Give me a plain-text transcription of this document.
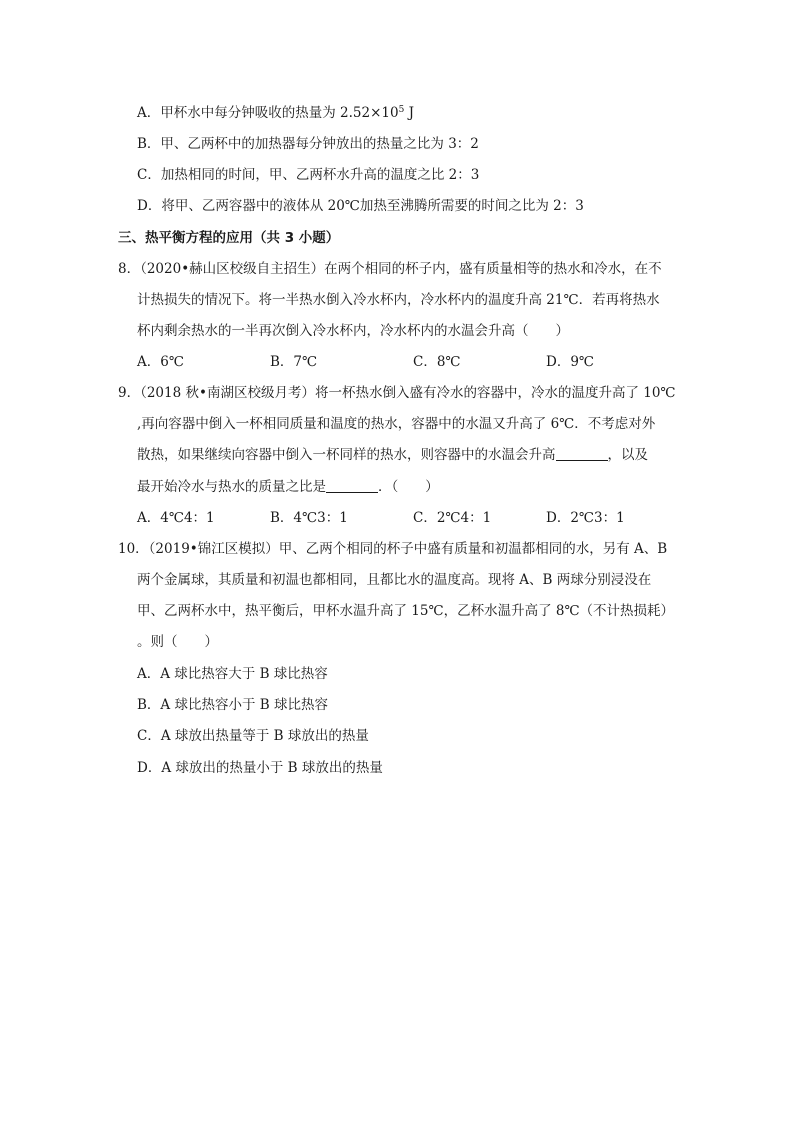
A．甲杯水中每分钟吸收的热量为 $2.52\times 10^5$ J
B．甲、乙两杯中的加热器每分钟放出的热量之比为 3：2
C．加热相同的时间，甲、乙两杯水升高的温度之比 2：3
D．将甲、乙两容器中的液体从 20℃加热至沸腾所需要的时间之比为 2：3
三、热平衡方程的应用（共 3 小题）
8．（2020•赫山区校级自主招生）在两个相同的杯子内，盛有质量相等的热水和冷水，在不
计热损失的情况下。将一半热水倒入冷水杯内，冷水杯内的温度升高 21℃．若再将热水
杯内剩余热水的一半再次倒入冷水杯内，冷水杯内的水温会升高（　　）
A．6℃	B．7℃	C．8℃	D．9℃
9．（2018 秋•南湖区校级月考）将一杯热水倒入盛有冷水的容器中，冷水的温度升高了 10℃
,再向容器中倒入一杯相同质量和温度的热水，容器中的水温又升高了 6℃．不考虑对外
散热，如果继续向容器中倒入一杯同样的热水，则容器中的水温会升高	，以及
最开始冷水与热水的质量之比是	．（　　）
A．4℃4：1	B．4℃3：1	C．2℃4：1	D．2℃3：1
10．（2019•锦江区模拟）甲、乙两个相同的杯子中盛有质量和初温都相同的水，另有 A、B
两个金属球，其质量和初温也都相同，且都比水的温度高。现将 A、B 两球分别浸没在
甲、乙两杯水中，热平衡后，甲杯水温升高了 15℃，乙杯水温升高了 8℃（不计热损耗）
。则（　　）
A．A 球比热容大于 B 球比热容
B．A 球比热容小于 B 球比热容
C．A 球放出热量等于 B 球放出的热量
D．A 球放出的热量小于 B 球放出的热量
